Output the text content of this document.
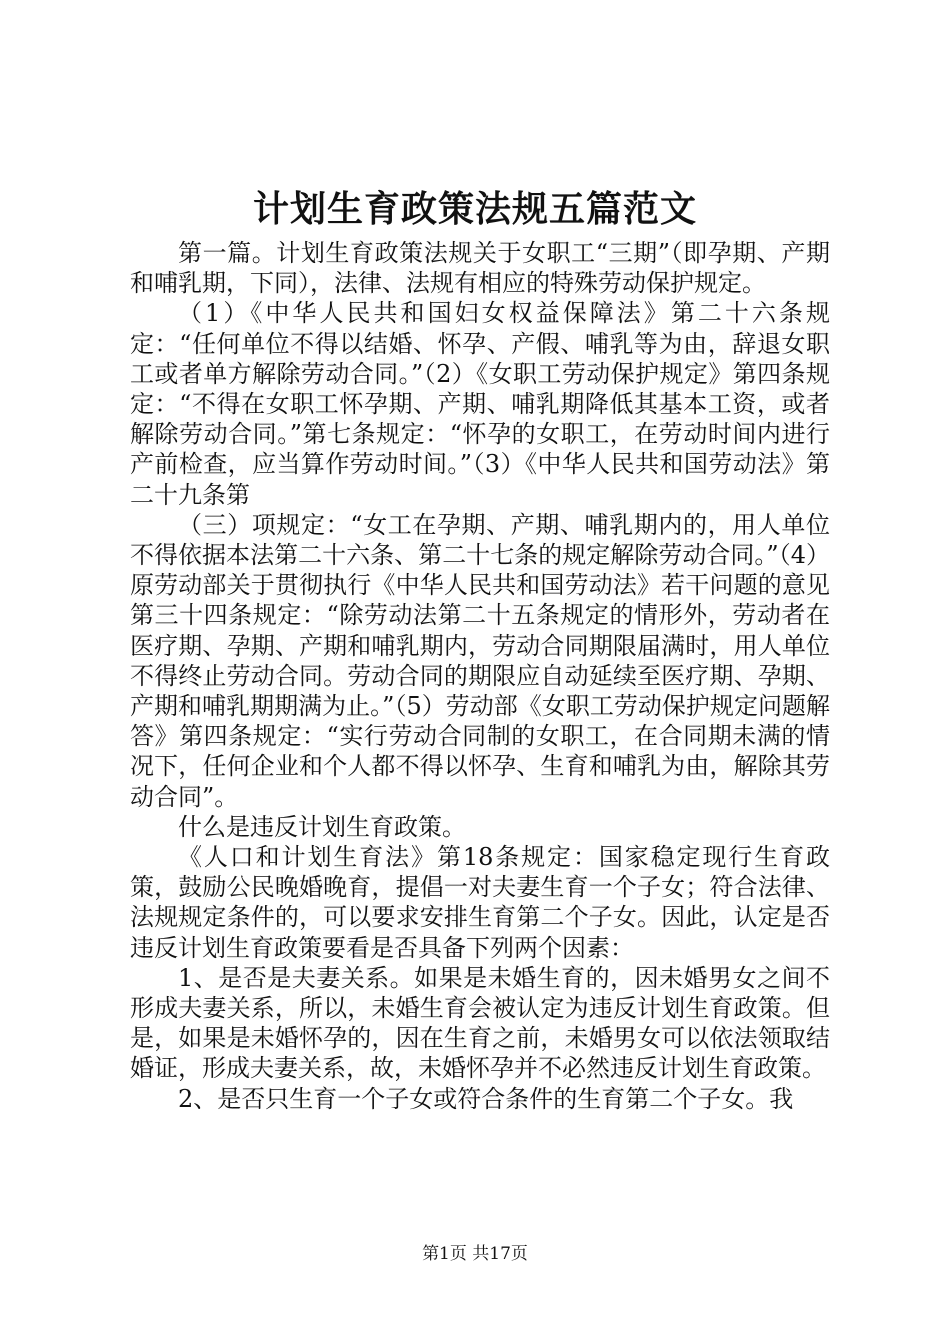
计划生育政策法规五篇范文

第一篇。计划生育政策法规关于女职工“三期”（即孕期、产期和哺乳期，下同），法律、法规有相应的特殊劳动保护规定。

（1）《中华人民共和国妇女权益保障法》第二十六条规定：“任何单位不得以结婚、怀孕、产假、哺乳等为由，辞退女职工或者单方解除劳动合同。”（2）《女职工劳动保护规定》第四条规定：“不得在女职工怀孕期、产期、哺乳期降低其基本工资，或者解除劳动合同。”第七条规定：“怀孕的女职工，在劳动时间内进行产前检查，应当算作劳动时间。”（3）《中华人民共和国劳动法》第二十九条第

（三）项规定：“女工在孕期、产期、哺乳期内的，用人单位不得依据本法第二十六条、第二十七条的规定解除劳动合同。”（4）原劳动部关于贯彻执行《中华人民共和国劳动法》若干问题的意见第三十四条规定：“除劳动法第二十五条规定的情形外，劳动者在医疗期、孕期、产期和哺乳期内，劳动合同期限届满时，用人单位不得终止劳动合同。劳动合同的期限应自动延续至医疗期、孕期、产期和哺乳期期满为止。”（5）劳动部《女职工劳动保护规定问题解答》第四条规定：“实行劳动合同制的女职工，在合同期未满的情况下，任何企业和个人都不得以怀孕、生育和哺乳为由，解除其劳动合同”。

什么是违反计划生育政策。

《人口和计划生育法》第18条规定：国家稳定现行生育政策，鼓励公民晚婚晚育，提倡一对夫妻生育一个子女；符合法律、法规规定条件的，可以要求安排生育第二个子女。因此，认定是否违反计划生育政策要看是否具备下列两个因素：

1、是否是夫妻关系。如果是未婚生育的，因未婚男女之间不形成夫妻关系，所以，未婚生育会被认定为违反计划生育政策。但是，如果是未婚怀孕的，因在生育之前，未婚男女可以依法领取结婚证，形成夫妻关系，故，未婚怀孕并不必然违反计划生育政策。

2、是否只生育一个子女或符合条件的生育第二个子女。我

第1页 共17页
